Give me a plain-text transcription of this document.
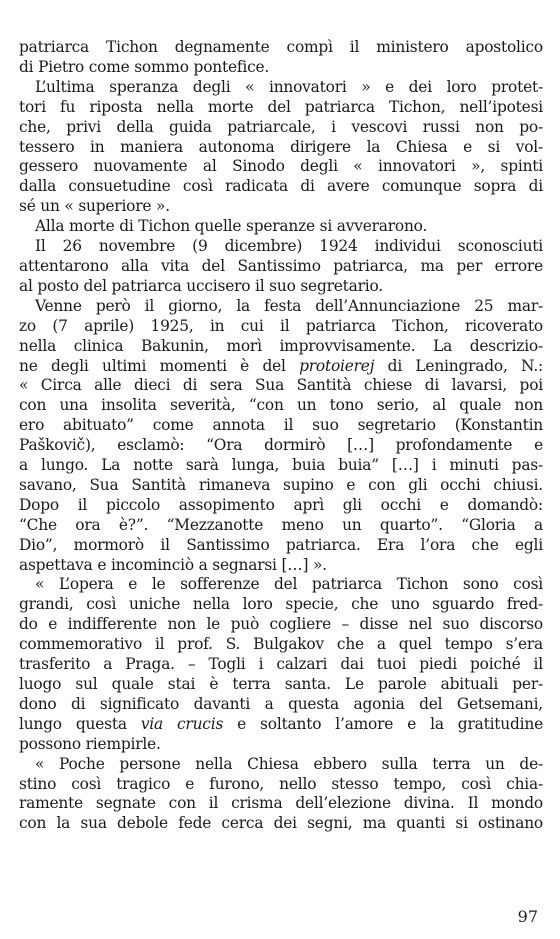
patriarca Tichon degnamente compì il ministero apostolico
di Pietro come sommo pontefice.
L’ultima speranza degli « innovatori » e dei loro protet-
tori fu riposta nella morte del patriarca Tichon, nell’ipotesi
che, privi della guida patriarcale, i vescovi russi non po-
tessero in maniera autonoma dirigere la Chiesa e si vol-
gessero nuovamente al Sinodo degli « innovatori », spinti
dalla consuetudine così radicata di avere comunque sopra di
sé un « superiore ».
Alla morte di Tichon quelle speranze si avverarono.
Il 26 novembre (9 dicembre) 1924 individui sconosciuti
attentarono alla vita del Santissimo patriarca, ma per errore
al posto del patriarca uccisero il suo segretario.
Venne però il giorno, la festa dell’Annunciazione 25 mar-
zo (7 aprile) 1925, in cui il patriarca Tichon, ricoverato
nella clinica Bakunin, morì improvvisamente. La descrizio-
ne degli ultimi momenti è del protoierej di Leningrado, N.:
« Circa alle dieci di sera Sua Santità chiese di lavarsi, poi
con una insolita severità, “con un tono serio, al quale non
ero abituato” come annota il suo segretario (Konstantin
Paškovič), esclamò: “Ora dormirò […] profondamente e
a lungo. La notte sarà lunga, buia buia” […] i minuti pas-
savano, Sua Santità rimaneva supino e con gli occhi chiusi.
Dopo il piccolo assopimento aprì gli occhi e domandò:
“Che ora è?”. “Mezzanotte meno un quarto”. “Gloria a
Dio”, mormorò il Santissimo patriarca. Era l’ora che egli
aspettava e incominciò a segnarsi […] ».
« L’opera e le sofferenze del patriarca Tichon sono così
grandi, così uniche nella loro specie, che uno sguardo fred-
do e indifferente non le può cogliere – disse nel suo discorso
commemorativo il prof. S. Bulgakov che a quel tempo s’era
trasferito a Praga. – Togli i calzari dai tuoi piedi poiché il
luogo sul quale stai è terra santa. Le parole abituali per-
dono di significato davanti a questa agonia del Getsemani,
lungo questa via crucis e soltanto l’amore e la gratitudine
possono riempirle.
« Poche persone nella Chiesa ebbero sulla terra un de-
stino così tragico e furono, nello stesso tempo, così chia-
ramente segnate con il crisma dell’elezione divina. Il mondo
con la sua debole fede cerca dei segni, ma quanti si ostinano
97
